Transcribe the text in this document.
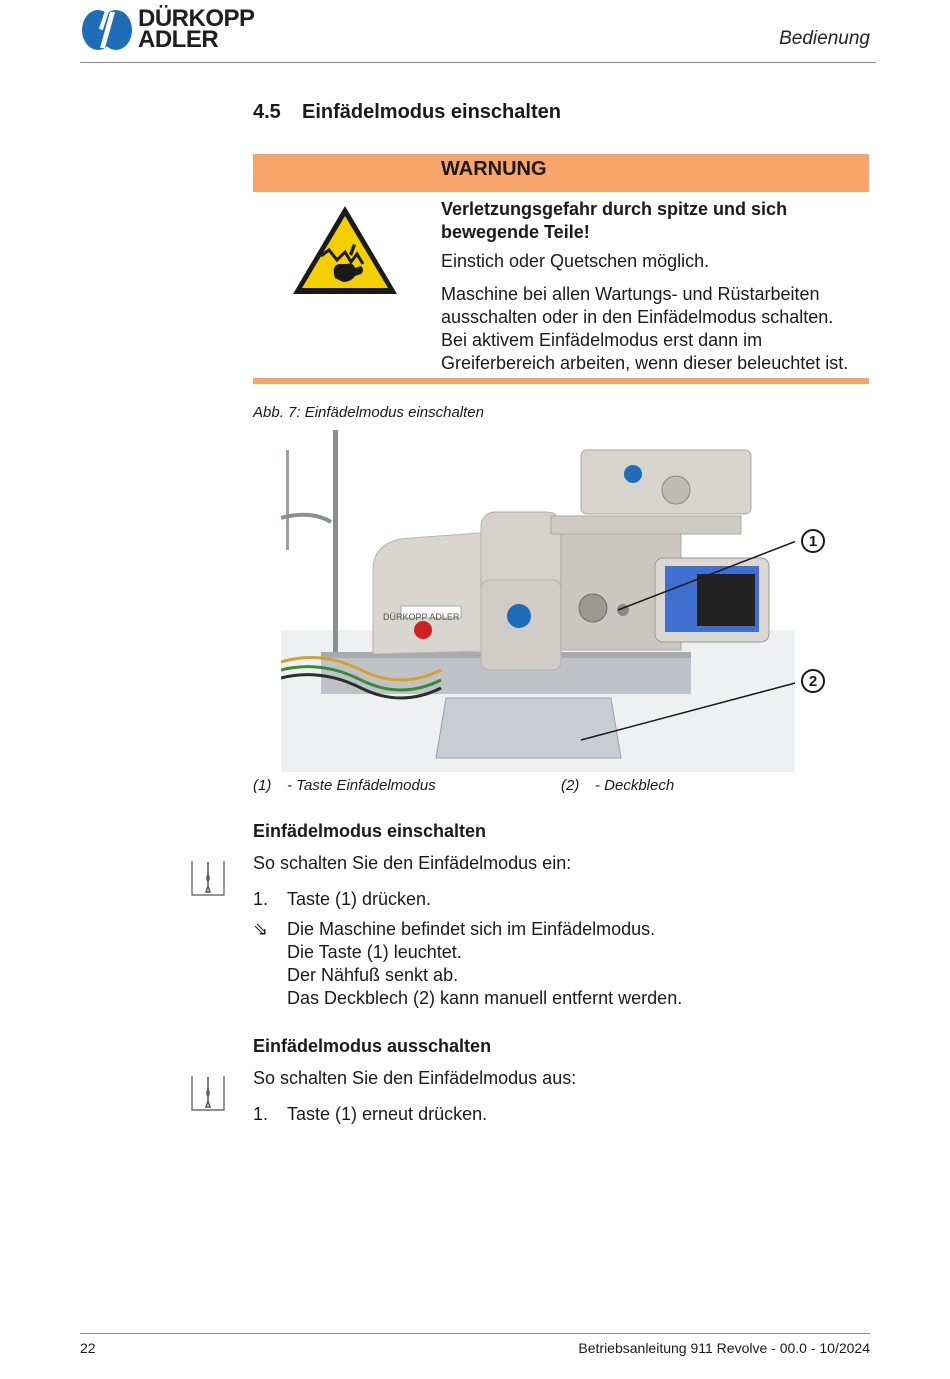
DÜRKOPP
ADLER	Bedienung
4.5 Einfädelmodus einschalten
WARNUNG
Verletzungsgefahr durch spitze und sich
bewegende Teile!
Einstich oder Quetschen möglich.
Maschine bei allen Wartungs- und Rüstarbeiten
ausschalten oder in den Einfädelmodus schalten.
Bei aktivem Einfädelmodus erst dann im
Greiferbereich arbeiten, wenn dieser beleuchtet ist.
Abb. 7: Einfädelmodus einschalten
DÜRKOPP ADLER
1
2
(1) - Taste Einfädelmodus	(2) - Deckblech
Einfädelmodus einschalten
So schalten Sie den Einfädelmodus ein:
1. Taste (1) drücken.
⇘ Die Maschine befindet sich im Einfädelmodus.
Die Taste (1) leuchtet.
Der Nähfuß senkt ab.
Das Deckblech (2) kann manuell entfernt werden.
Einfädelmodus ausschalten
So schalten Sie den Einfädelmodus aus:
1. Taste (1) erneut drücken.
22	Betriebsanleitung 911 Revolve - 00.0 - 10/2024
